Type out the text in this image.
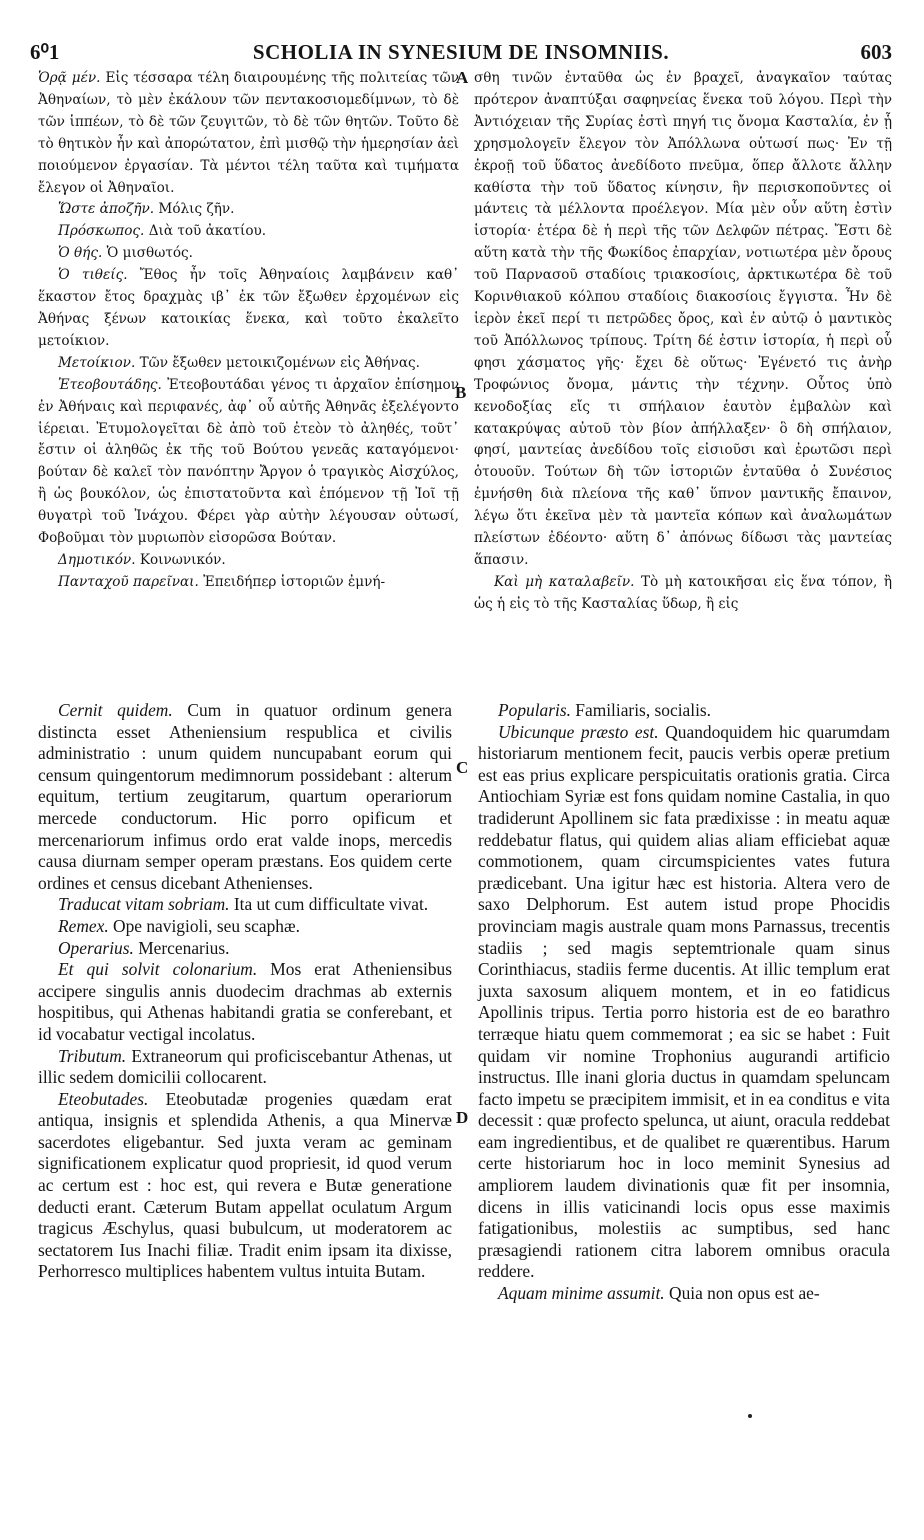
6⁰1	SCHOLIA IN SYNESIUM DE INSOMNIIS.	603

Ὁρᾷ μέν. Εἰς τέσσαρα τέλη διαιρουμένης τῆς πολιτείας τῶν Ἀθηναίων, τὸ μὲν ἐκάλουν τῶν πεντακοσιομεδίμνων, τὸ δὲ τῶν ἱππέων, τὸ δὲ τῶν ζευγιτῶν, τὸ δὲ τῶν θητῶν. Τοῦτο δὲ τὸ θητικὸν ἦν καὶ ἀπορώτατον, ἐπὶ μισθῷ τὴν ἡμερησίαν ἀεὶ ποιούμενον ἐργασίαν. Τὰ μέντοι τέλη ταῦτα καὶ τιμήματα ἔλεγον οἱ Ἀθηναῖοι.

Ὥστε ἀποζῆν. Μόλις ζῆν.

Πρόσκωπος. Διὰ τοῦ ἀκατίου.

Ὁ θής. Ὁ μισθωτός.

Ὁ τιθείς. Ἔθος ἦν τοῖς Ἀθηναίοις λαμβάνειν καθ᾽ ἕκαστον ἔτος δραχμὰς ιβ᾽ ἐκ τῶν ἔξωθεν ἐρχομένων εἰς Ἀθήνας ξένων κατοικίας ἕνεκα, καὶ τοῦτο ἐκαλεῖτο μετοίκιον.

Μετοίκιον. Τῶν ἔξωθεν μετοικιζομένων εἰς Ἀθήνας.

Ἐτεοβουτάδης. Ἐτεοβουτάδαι γένος τι ἀρχαῖον ἐπίσημον ἐν Ἀθήναις καὶ περιφανές, ἀφ᾽ οὗ αὐτῆς Ἀθηνᾶς ἐξελέγοντο ἱέρειαι. Ἐτυμολογεῖται δὲ ἀπὸ τοῦ ἐτεὸν τὸ ἀληθές, τοῦτ᾽ ἔστιν οἱ ἀληθῶς ἐκ τῆς τοῦ Βούτου γενεᾶς καταγόμενοι· βούταν δὲ καλεῖ τὸν πανόπτην Ἄργον ὁ τραγικὸς Αἰσχύλος, ἢ ὡς βουκόλον, ὡς ἐπιστατοῦντα καὶ ἑπόμενον τῇ Ἰοῖ τῇ θυγατρὶ τοῦ Ἰνάχου. Φέρει γὰρ αὐτὴν λέγουσαν οὑτωσί, Φοβοῦμαι τὸν μυριωπὸν εἰσορῶσα Βούταν.

Δημοτικόν. Κοινωνικόν.

Πανταχοῦ παρεῖναι. Ἐπειδήπερ ἱστοριῶν ἐμνή-

σθη τινῶν ἐνταῦθα ὡς ἐν βραχεῖ, ἀναγκαῖον ταύτας πρότερον ἀναπτύξαι σαφηνείας ἕνεκα τοῦ λόγου. Περὶ τὴν Ἀντιόχειαν τῆς Συρίας ἐστὶ πηγή τις ὄνομα Κασταλία, ἐν ᾗ χρησμολογεῖν ἔλεγον τὸν Ἀπόλλωνα οὑτωσί πως· Ἐν τῇ ἐκροῇ τοῦ ὕδατος ἀνεδίδοτο πνεῦμα, ὅπερ ἄλλοτε ἄλλην καθίστα τὴν τοῦ ὕδατος κίνησιν, ἣν περισκοποῦντες οἱ μάντεις τὰ μέλλοντα προέλεγον. Μία μὲν οὖν αὕτη ἐστὶν ἱστορία· ἑτέρα δὲ ἡ περὶ τῆς τῶν Δελφῶν πέτρας. Ἔστι δὲ αὕτη κατὰ τὴν τῆς Φωκίδος ἐπαρχίαν, νοτιωτέρα μὲν ὄρους τοῦ Παρνασοῦ σταδίοις τριακοσίοις, ἀρκτικωτέρα δὲ τοῦ Κορινθιακοῦ κόλπου σταδίοις διακοσίοις ἔγγιστα. Ἦν δὲ ἱερὸν ἐκεῖ περί τι πετρῶδες ὄρος, καὶ ἐν αὐτῷ ὁ μαντικὸς τοῦ Ἀπόλλωνος τρίπους. Τρίτη δέ ἐστιν ἱστορία, ἡ περὶ οὗ φησι χάσματος γῆς· ἔχει δὲ οὕτως· Ἐγένετό τις ἀνὴρ Τροφώνιος ὄνομα, μάντις τὴν τέχνην. Οὗτος ὑπὸ κενοδοξίας εἴς τι σπήλαιον ἑαυτὸν ἐμβαλὼν καὶ κατακρύψας αὐτοῦ τὸν βίον ἀπήλλαξεν· ὃ δὴ σπήλαιον, φησί, μαντείας ἀνεδίδου τοῖς εἰσιοῦσι καὶ ἐρωτῶσι περὶ ὁτουοῦν. Τούτων δὴ τῶν ἱστοριῶν ἐνταῦθα ὁ Συνέσιος ἐμνήσθη διὰ πλείονα τῆς καθ᾽ ὕπνον μαντικῆς ἔπαινον, λέγω ὅτι ἐκεῖνα μὲν τὰ μαντεῖα κόπων καὶ ἀναλωμάτων πλείστων ἐδέοντο· αὕτη δ᾽ ἀπόνως δίδωσι τὰς μαντείας ἅπασιν.

Καὶ μὴ καταλαβεῖν. Τὸ μὴ κατοικῆσαι εἰς ἕνα τόπον, ἢ ὡς ἡ εἰς τὸ τῆς Κασταλίας ὕδωρ, ἢ εἰς

Cernit quidem. Cum in quatuor ordinum genera distincta esset Atheniensium respublica et civilis administratio : unum quidem nuncupabant eorum qui censum quingentorum medimnorum possidebant : alterum equitum, tertium zeugitarum, quartum operariorum mercede conductorum. Hic porro opificum et mercenariorum infimus ordo erat valde inops, mercedis causa diurnam semper operam præstans. Eos quidem certe ordines et census dicebant Athenienses.

Traducat vitam sobriam. Ita ut cum difficultate vivat.

Remex. Ope navigioli, seu scaphæ.

Operarius. Mercenarius.

Et qui solvit colonarium. Mos erat Atheniensibus accipere singulis annis duodecim drachmas ab externis hospitibus, qui Athenas habitandi gratia se conferebant, et id vocabatur vectigal incolatus.

Tributum. Extraneorum qui proficiscebantur Athenas, ut illic sedem domicilii collocarent.

Eteobutades. Eteobutadæ progenies quædam erat antiqua, insignis et splendida Athenis, a qua Minervæ sacerdotes eligebantur. Sed juxta veram ac geminam significationem explicatur quod propriesit, id quod verum ac certum est : hoc est, qui revera e Butæ generatione deducti erant. Cæterum Butam appellat oculatum Argum tragicus Æschylus, quasi bubulcum, ut moderatorem ac sectatorem Ius Inachi filiæ. Tradit enim ipsam ita dixisse, Perhorresco multiplices habentem vultus intuita Butam.

Popularis. Familiaris, socialis.

Ubicunque præsto est. Quandoquidem hic quarumdam historiarum mentionem fecit, paucis verbis operæ pretium est eas prius explicare perspicuitatis orationis gratia. Circa Antiochiam Syriæ est fons quidam nomine Castalia, in quo tradiderunt Apollinem sic fata prædixisse : in meatu aquæ reddebatur flatus, qui quidem alias aliam efficiebat aquæ commotionem, quam circumspicientes vates futura prædicebant. Una igitur hæc est historia. Altera vero de saxo Delphorum. Est autem istud prope Phocidis provinciam magis australe quam mons Parnassus, trecentis stadiis ; sed magis septemtrionale quam sinus Corinthiacus, stadiis ferme ducentis. At illic templum erat juxta saxosum aliquem montem, et in eo fatidicus Apollinis tripus. Tertia porro historia est de eo barathro terræque hiatu quem commemorat ; ea sic se habet : Fuit quidam vir nomine Trophonius augurandi artificio instructus. Ille inani gloria ductus in quamdam speluncam facto impetu se præcipitem immisit, et in ea conditus e vita decessit : quæ profecto spelunca, ut aiunt, oracula reddebat eam ingredientibus, et de qualibet re quærentibus. Harum certe historiarum hoc in loco meminit Synesius ad ampliorem laudem divinationis quæ fit per insomnia, dicens in illis vaticinandi locis opus esse maximis fatigationibus, molestiis ac sumptibus, sed hanc præsagiendi rationem citra laborem omnibus oracula reddere.

Aquam minime assumit. Quia non opus est ae-

A
B
C
D
